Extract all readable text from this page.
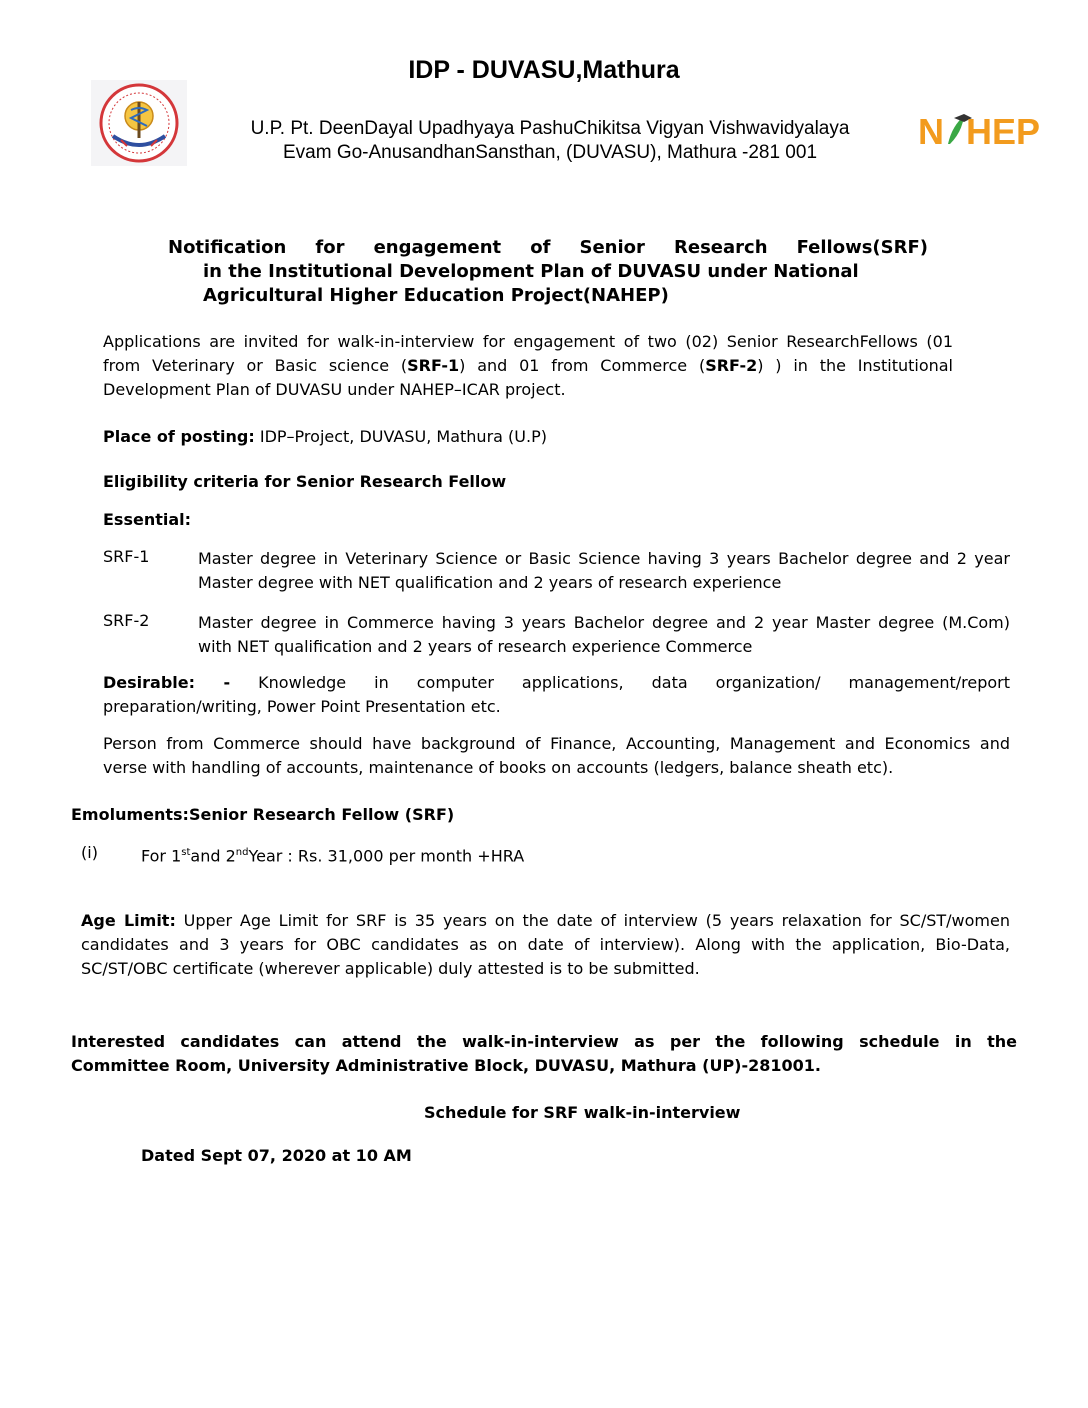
IDP - DUVASU,Mathura
U.P. Pt. DeenDayal Upadhyaya PashuChikitsa Vigyan Vishwavidyalaya
Evam Go-AnusandhanSansthan, (DUVASU), Mathura -281 001
N HEP
Notification for engagement of Senior Research Fellows(SRF)
in the Institutional Development Plan of DUVASU under National
Agricultural Higher Education Project(NAHEP)
Applications are invited for walk-in-interview for engagement of two (02) Senior ResearchFellows (01
from Veterinary or Basic science (SRF-1) and 01 from Commerce (SRF-2) ) in the Institutional
Development Plan of DUVASU under NAHEP–ICAR project.
Place of posting: IDP–Project, DUVASU, Mathura (U.P)
Eligibility criteria for Senior Research Fellow
Essential:
SRF-1	Master degree in Veterinary Science or Basic Science having 3 years Bachelor degree and 2 year
Master degree with NET qualification and 2 years of research experience
SRF-2	Master degree in Commerce having 3 years Bachelor degree and 2 year Master degree (M.Com)
with NET qualification and 2 years of research experience Commerce
Desirable: - Knowledge in computer applications, data organization/ management/report
preparation/writing, Power Point Presentation etc.
Person from Commerce should have background of Finance, Accounting, Management and Economics and
verse with handling of accounts, maintenance of books on accounts (ledgers, balance sheath etc).
Emoluments:Senior Research Fellow (SRF)
(i)	For 1stand 2ndYear : Rs. 31,000 per month +HRA
Age Limit: Upper Age Limit for SRF is 35 years on the date of interview (5 years relaxation for SC/ST/women
candidates and 3 years for OBC candidates as on date of interview). Along with the application, Bio-Data,
SC/ST/OBC certificate (wherever applicable) duly attested is to be submitted.
Interested candidates can attend the walk-in-interview as per the following schedule in the
Committee Room, University Administrative Block, DUVASU, Mathura (UP)-281001.
Schedule for SRF walk-in-interview
Dated Sept 07, 2020 at 10 AM
